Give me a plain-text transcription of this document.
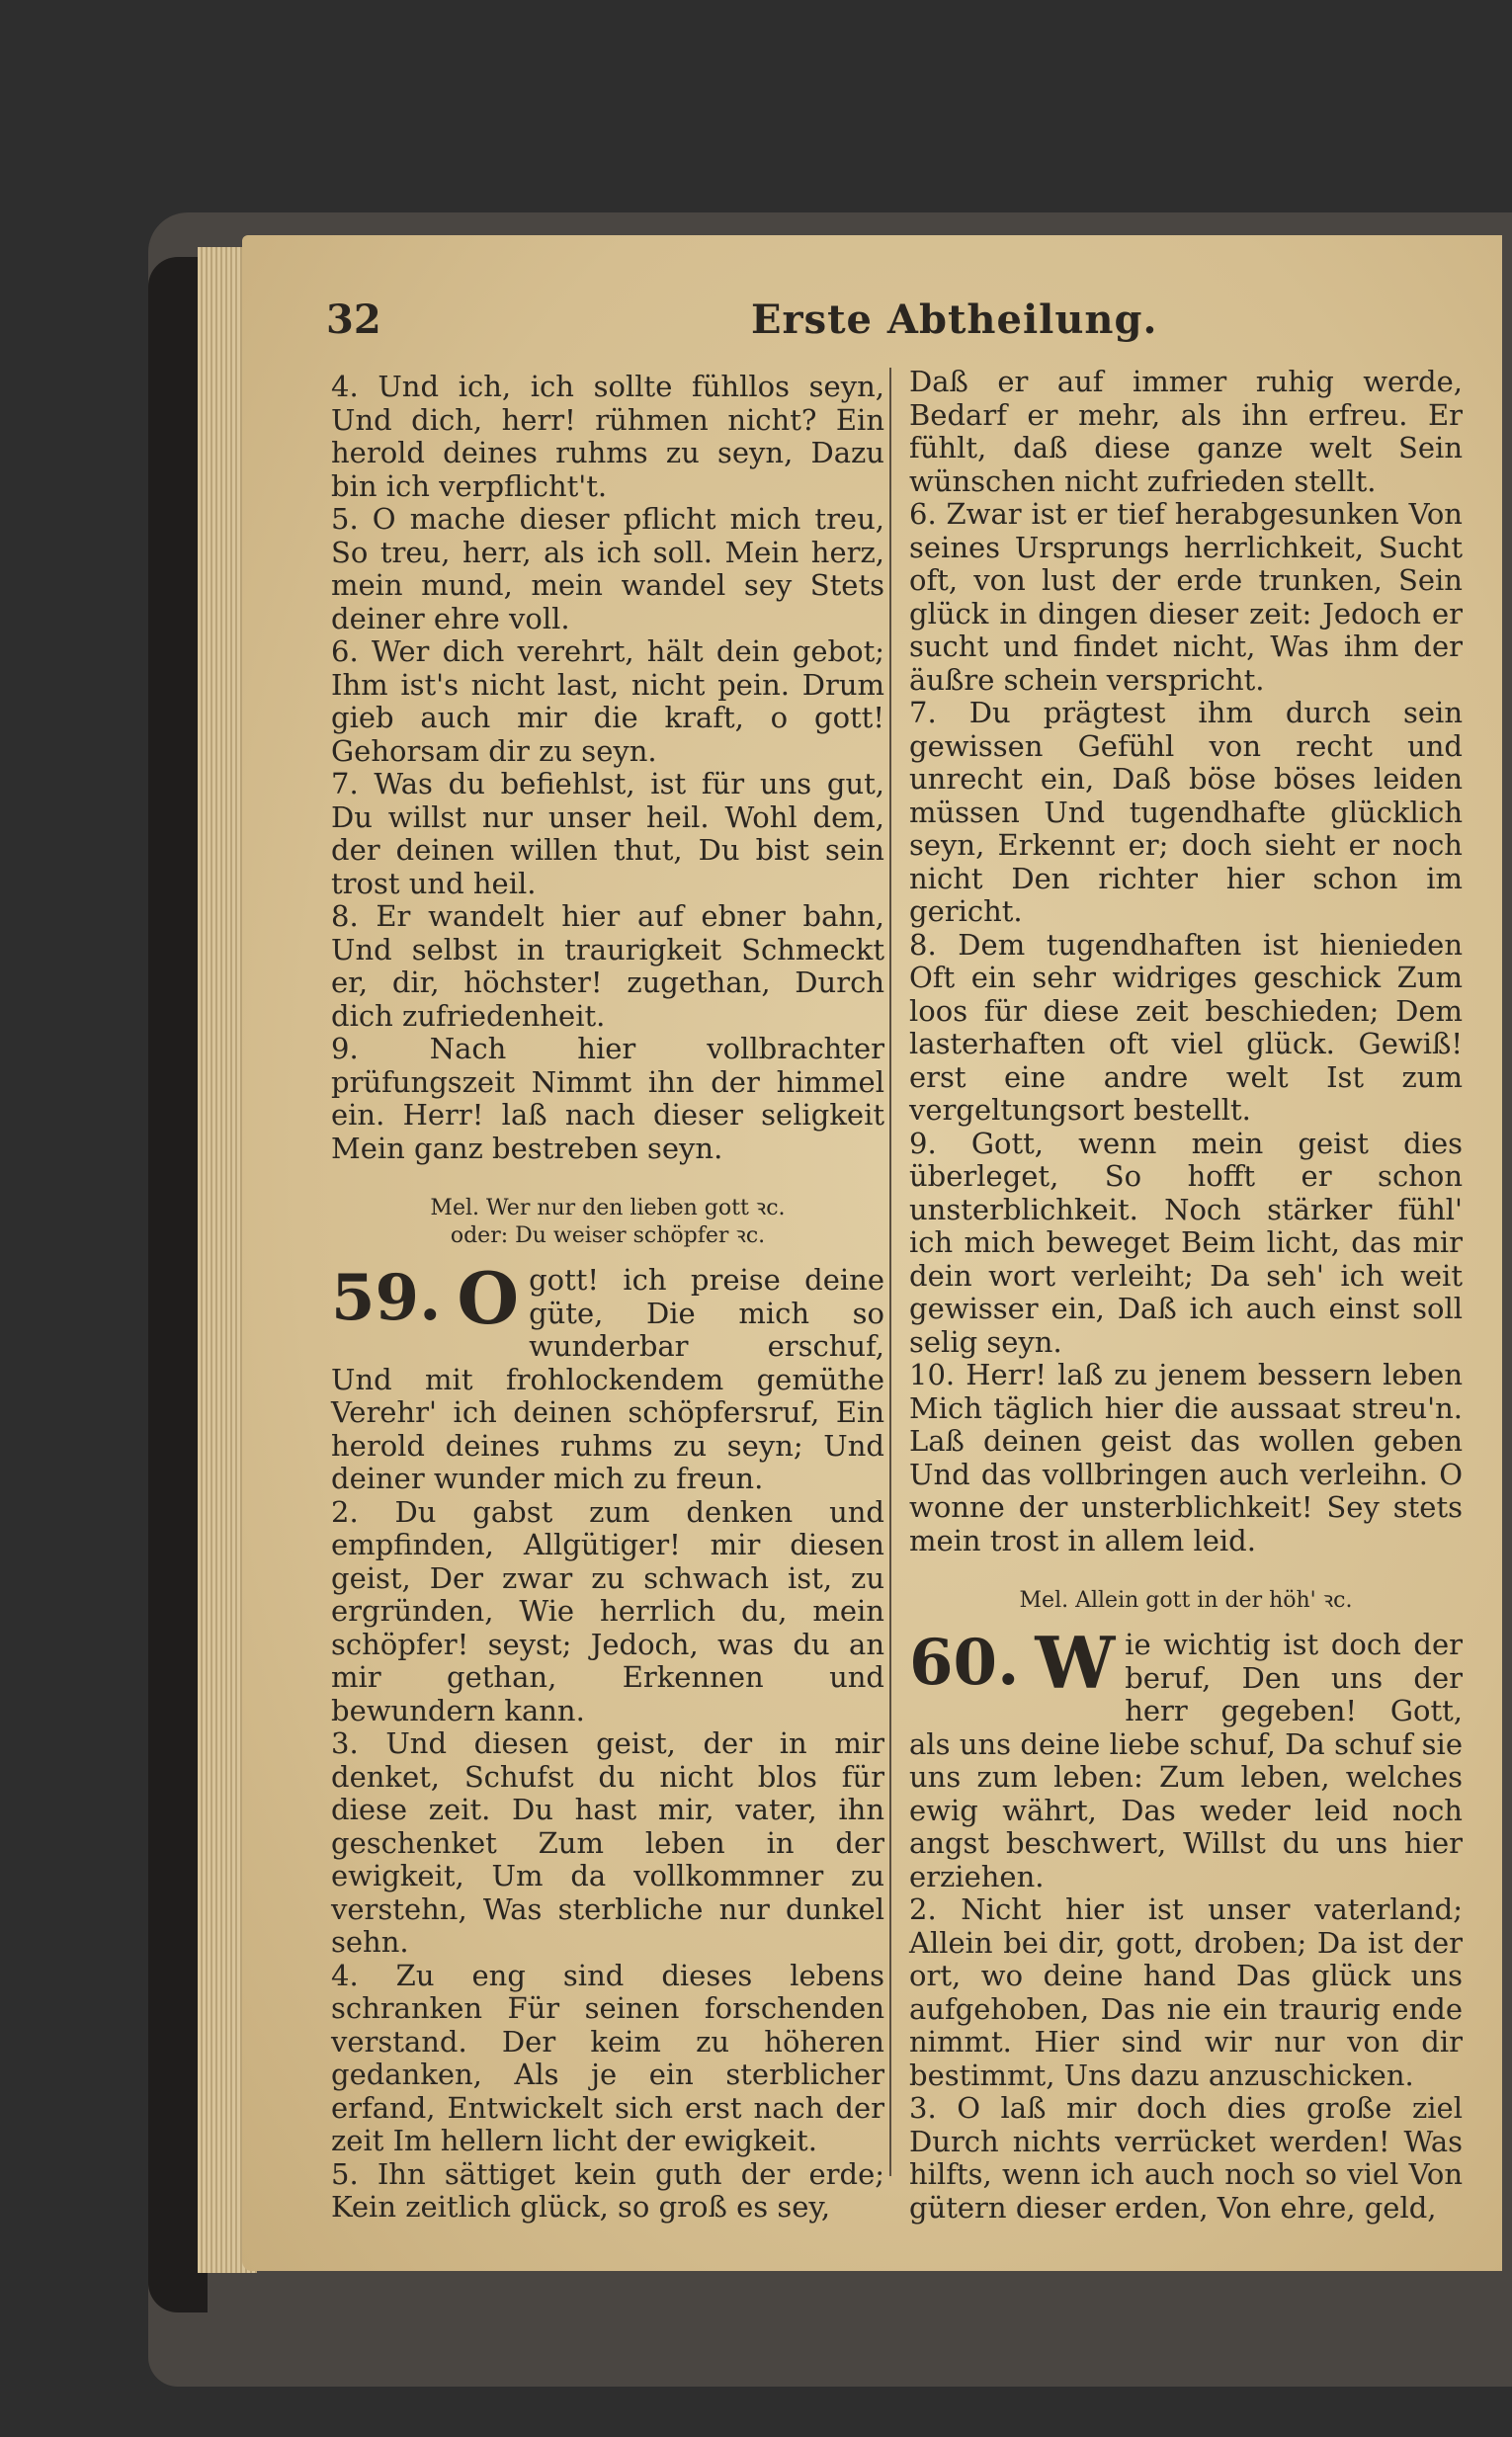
32	Erste Abtheilung.

4. Und ich, ich sollte fühllos seyn, Und dich, herr! rühmen nicht? Ein herold deines ruhms zu seyn, Dazu bin ich verpflicht't.

5. O mache dieser pflicht mich treu, So treu, herr, als ich soll. Mein herz, mein mund, mein wandel sey Stets deiner ehre voll.

6. Wer dich verehrt, hält dein gebot; Ihm ist's nicht last, nicht pein. Drum gieb auch mir die kraft, o gott! Gehorsam dir zu seyn.

7. Was du befiehlst, ist für uns gut, Du willst nur unser heil. Wohl dem, der deinen willen thut, Du bist sein trost und heil.

8. Er wandelt hier auf ebner bahn, Und selbst in traurigkeit Schmeckt er, dir, höchster! zugethan, Durch dich zufriedenheit.

9. Nach hier vollbrachter prüfungszeit Nimmt ihn der himmel ein. Herr! laß nach dieser seligkeit Mein ganz bestreben seyn.

Mel. Wer nur den lieben gott ꝛc.
oder: Du weiser schöpfer ꝛc.

59. O gott! ich preise deine güte, Die mich so wunderbar erschuf, Und mit frohlockendem gemüthe Verehr' ich deinen schöpfersruf, Ein herold deines ruhms zu seyn; Und deiner wunder mich zu freun.

2. Du gabst zum denken und empfinden, Allgütiger! mir diesen geist, Der zwar zu schwach ist, zu ergründen, Wie herrlich du, mein schöpfer! seyst; Jedoch, was du an mir gethan, Erkennen und bewundern kann.

3. Und diesen geist, der in mir denket, Schufst du nicht blos für diese zeit. Du hast mir, vater, ihn geschenket Zum leben in der ewigkeit, Um da vollkommner zu verstehn, Was sterbliche nur dunkel sehn.

4. Zu eng sind dieses lebens schranken Für seinen forschenden verstand. Der keim zu höheren gedanken, Als je ein sterblicher erfand, Entwickelt sich erst nach der zeit Im hellern licht der ewigkeit.

5. Ihn sättiget kein guth der erde; Kein zeitlich glück, so groß es sey,

Daß er auf immer ruhig werde, Bedarf er mehr, als ihn erfreu. Er fühlt, daß diese ganze welt Sein wünschen nicht zufrieden stellt.

6. Zwar ist er tief herabgesunken Von seines Ursprungs herrlichkeit, Sucht oft, von lust der erde trunken, Sein glück in dingen dieser zeit: Jedoch er sucht und findet nicht, Was ihm der äußre schein verspricht.

7. Du prägtest ihm durch sein gewissen Gefühl von recht und unrecht ein, Daß böse böses leiden müssen Und tugendhafte glücklich seyn, Erkennt er; doch sieht er noch nicht Den richter hier schon im gericht.

8. Dem tugendhaften ist hienieden Oft ein sehr widriges geschick Zum loos für diese zeit beschieden; Dem lasterhaften oft viel glück. Gewiß! erst eine andre welt Ist zum vergeltungsort bestellt.

9. Gott, wenn mein geist dies überleget, So hofft er schon unsterblichkeit. Noch stärker fühl' ich mich beweget Beim licht, das mir dein wort verleiht; Da seh' ich weit gewisser ein, Daß ich auch einst soll selig seyn.

10. Herr! laß zu jenem bessern leben Mich täglich hier die aussaat streu'n. Laß deinen geist das wollen geben Und das vollbringen auch verleihn. O wonne der unsterblichkeit! Sey stets mein trost in allem leid.

Mel. Allein gott in der höh' ꝛc.

60. W ie wichtig ist doch der beruf, Den uns der herr gegeben! Gott, als uns deine liebe schuf, Da schuf sie uns zum leben: Zum leben, welches ewig währt, Das weder leid noch angst beschwert, Willst du uns hier erziehen.

2. Nicht hier ist unser vaterland; Allein bei dir, gott, droben; Da ist der ort, wo deine hand Das glück uns aufgehoben, Das nie ein traurig ende nimmt. Hier sind wir nur von dir bestimmt, Uns dazu anzuschicken.

3. O laß mir doch dies große ziel Durch nichts verrücket werden! Was hilfts, wenn ich auch noch so viel Von gütern dieser erden, Von ehre, geld,
